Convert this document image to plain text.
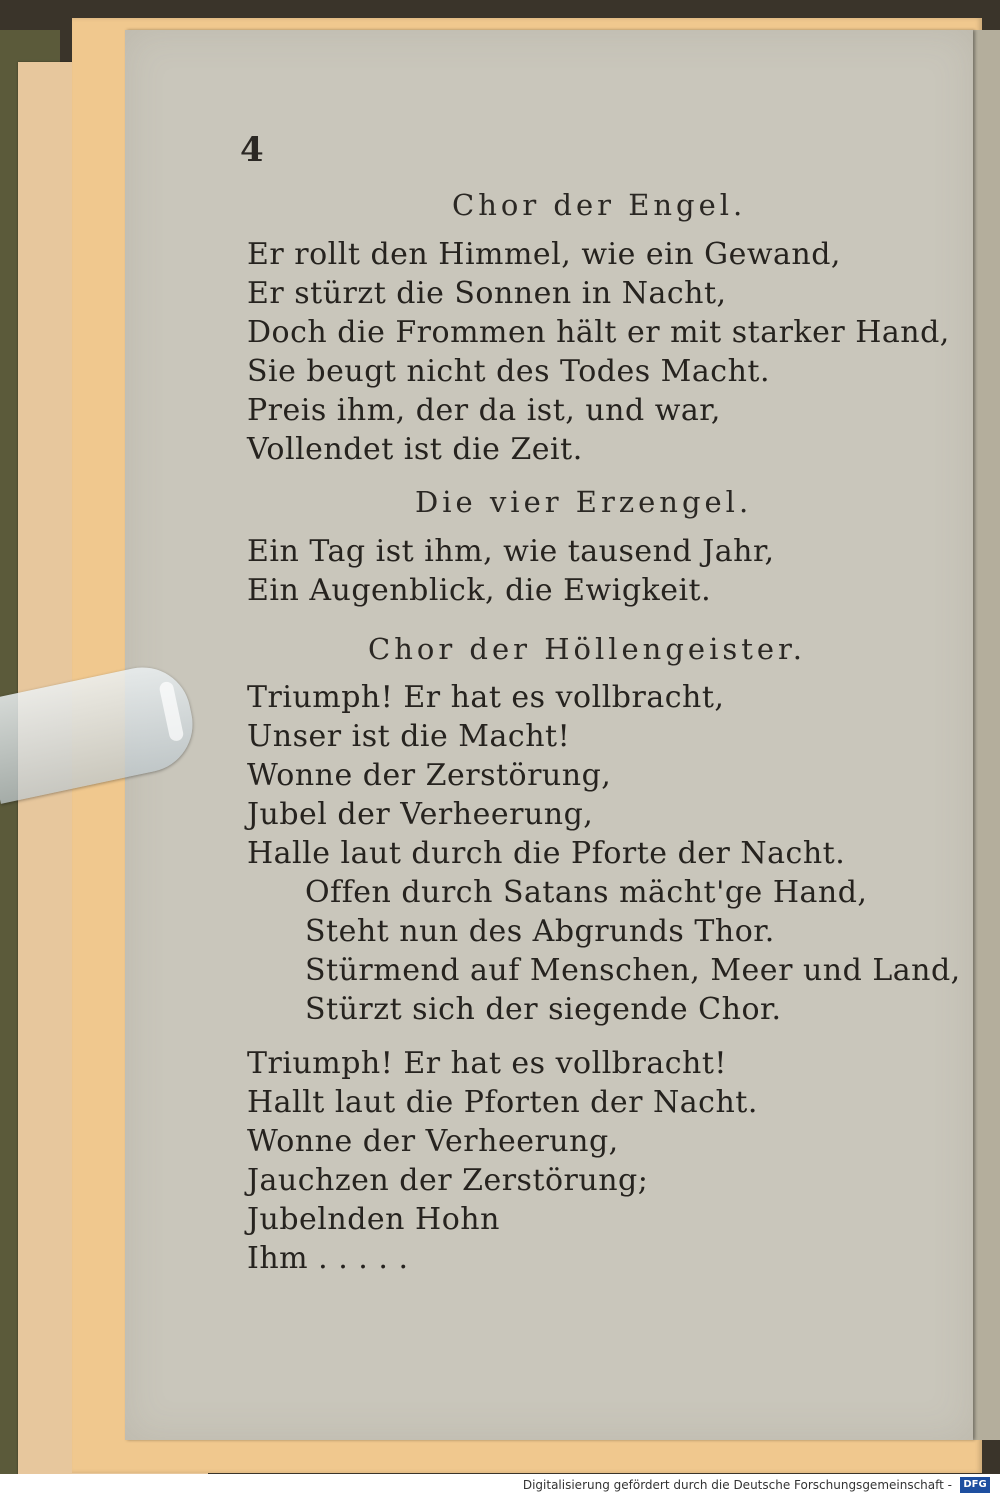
4
Chor der Engel.
Er rollt den Himmel, wie ein Gewand,
Er stürzt die Sonnen in Nacht,
Doch die Frommen hält er mit starker Hand,
Sie beugt nicht des Todes Macht.
Preis ihm, der da ist, und war,
Vollendet ist die Zeit.
Die vier Erzengel.
Ein Tag ist ihm, wie tausend Jahr,
Ein Augenblick, die Ewigkeit.
Chor der Höllengeister.
Triumph! Er hat es vollbracht,
Unser ist die Macht!
Wonne der Zerstörung,
Jubel der Verheerung,
Halle laut durch die Pforte der Nacht.
Offen durch Satans mächt'ge Hand,
Steht nun des Abgrunds Thor.
Stürmend auf Menschen, Meer und Land,
Stürzt sich der siegende Chor.
Triumph! Er hat es vollbracht!
Hallt laut die Pforten der Nacht.
Wonne der Verheerung,
Jauchzen der Zerstörung;
Jubelnden Hohn
Ihm . . . . .
Digitalisierung gefördert durch die Deutsche Forschungsgemeinschaft -	DFG
